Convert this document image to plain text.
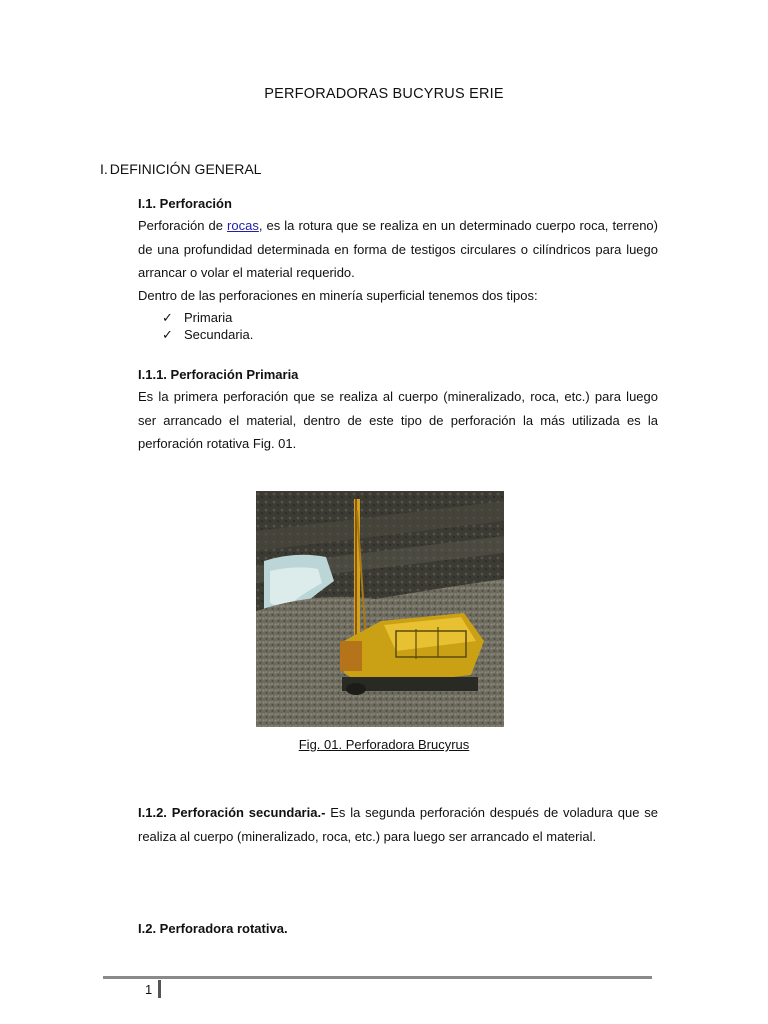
PERFORADORAS BUCYRUS ERIE
I. DEFINICIÓN GENERAL
I.1. Perforación
Perforación de rocas, es la rotura que se realiza en un determinado cuerpo roca, terreno) de una profundidad determinada en forma de testigos circulares o cilíndricos para luego arrancar o volar el material requerido.
Dentro de las perforaciones en minería superficial tenemos dos tipos:
✓ Primaria
✓ Secundaria.
I.1.1. Perforación Primaria
Es la primera perforación que se realiza al cuerpo (mineralizado, roca, etc.) para luego ser arrancado el material, dentro de este tipo de perforación la más utilizada es la perforación rotativa Fig. 01.
Fig. 01. Perforadora Brucyrus
I.1.2. Perforación secundaria.- Es la segunda perforación después de voladura que se realiza al cuerpo (mineralizado, roca, etc.) para luego ser arrancado el material.
I.2. Perforadora rotativa.
1
